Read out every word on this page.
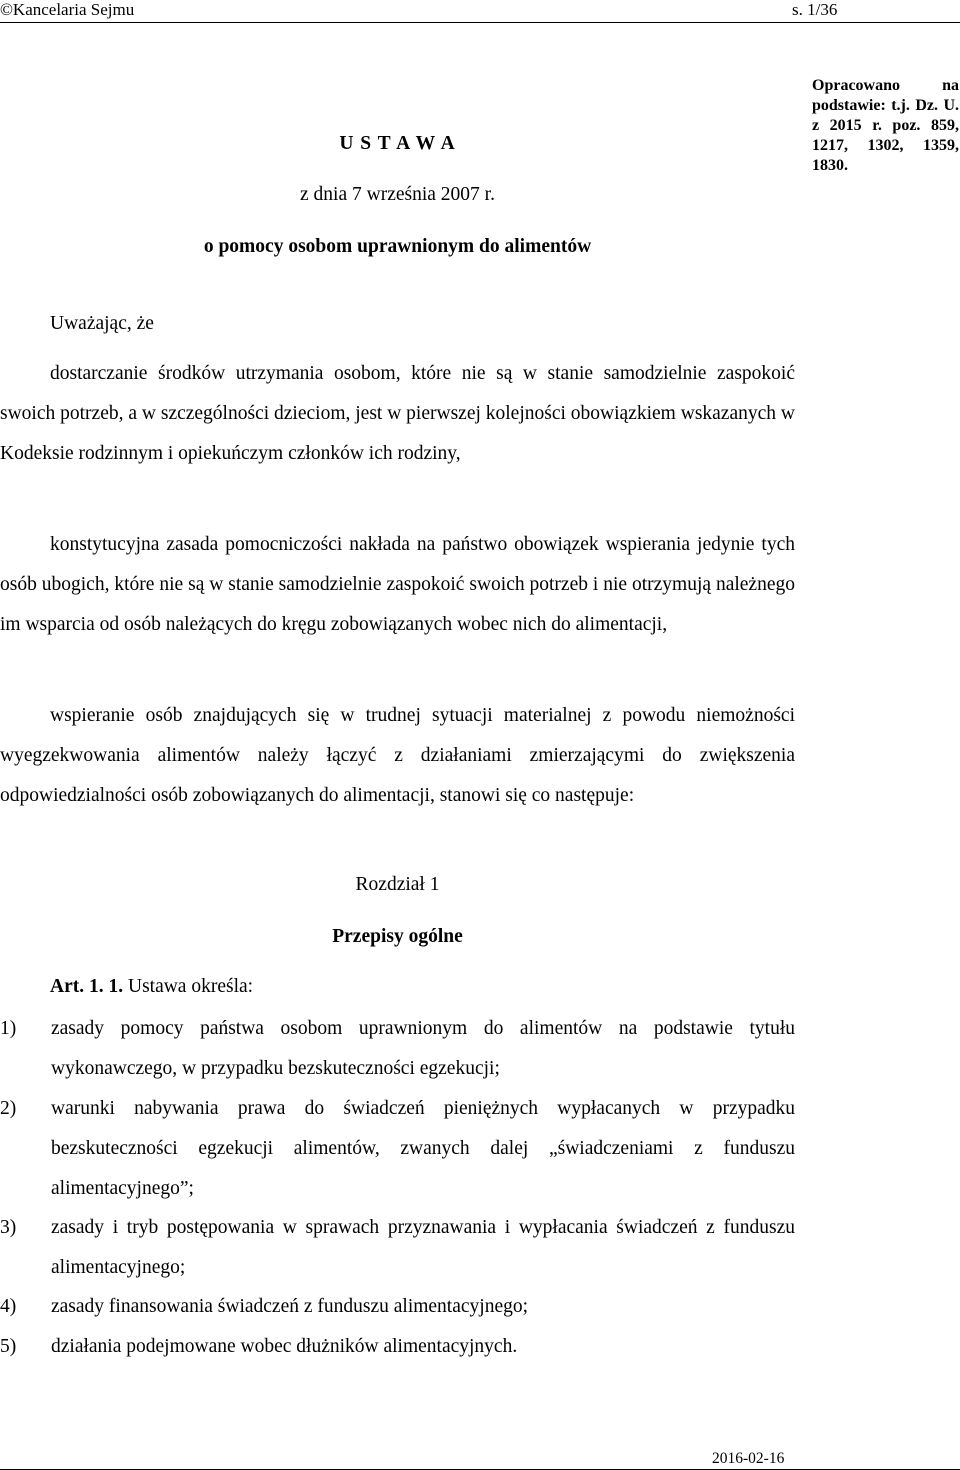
©Kancelaria Sejmu	s. 1/36
Opracowano na podstawie: t.j. Dz. U. z 2015 r. poz. 859, 1217, 1302, 1359, 1830.
U S T A W A
z dnia 7 września 2007 r.
o pomocy osobom uprawnionym do alimentów
Uważając, że
dostarczanie środków utrzymania osobom, które nie są w stanie samodzielnie zaspokoić swoich potrzeb, a w szczególności dzieciom, jest w pierwszej kolejności obowiązkiem wskazanych w Kodeksie rodzinnym i opiekuńczym członków ich rodziny,
konstytucyjna zasada pomocniczości nakłada na państwo obowiązek wspierania jedynie tych osób ubogich, które nie są w stanie samodzielnie zaspokoić swoich potrzeb i nie otrzymują należnego im wsparcia od osób należących do kręgu zobowiązanych wobec nich do alimentacji,
wspieranie osób znajdujących się w trudnej sytuacji materialnej z powodu niemożności wyegzekwowania alimentów należy łączyć z działaniami zmierzającymi do zwiększenia odpowiedzialności osób zobowiązanych do alimentacji, stanowi się co następuje:
Rozdział 1
Przepisy ogólne
Art. 1. 1. Ustawa określa:
1) zasady pomocy państwa osobom uprawnionym do alimentów na podstawie tytułu wykonawczego, w przypadku bezskuteczności egzekucji;
2) warunki nabywania prawa do świadczeń pieniężnych wypłacanych w przypadku bezskuteczności egzekucji alimentów, zwanych dalej „świadczeniami z funduszu alimentacyjnego”;
3) zasady i tryb postępowania w sprawach przyznawania i wypłacania świadczeń z funduszu alimentacyjnego;
4) zasady finansowania świadczeń z funduszu alimentacyjnego;
5) działania podejmowane wobec dłużników alimentacyjnych.
2016-02-16
